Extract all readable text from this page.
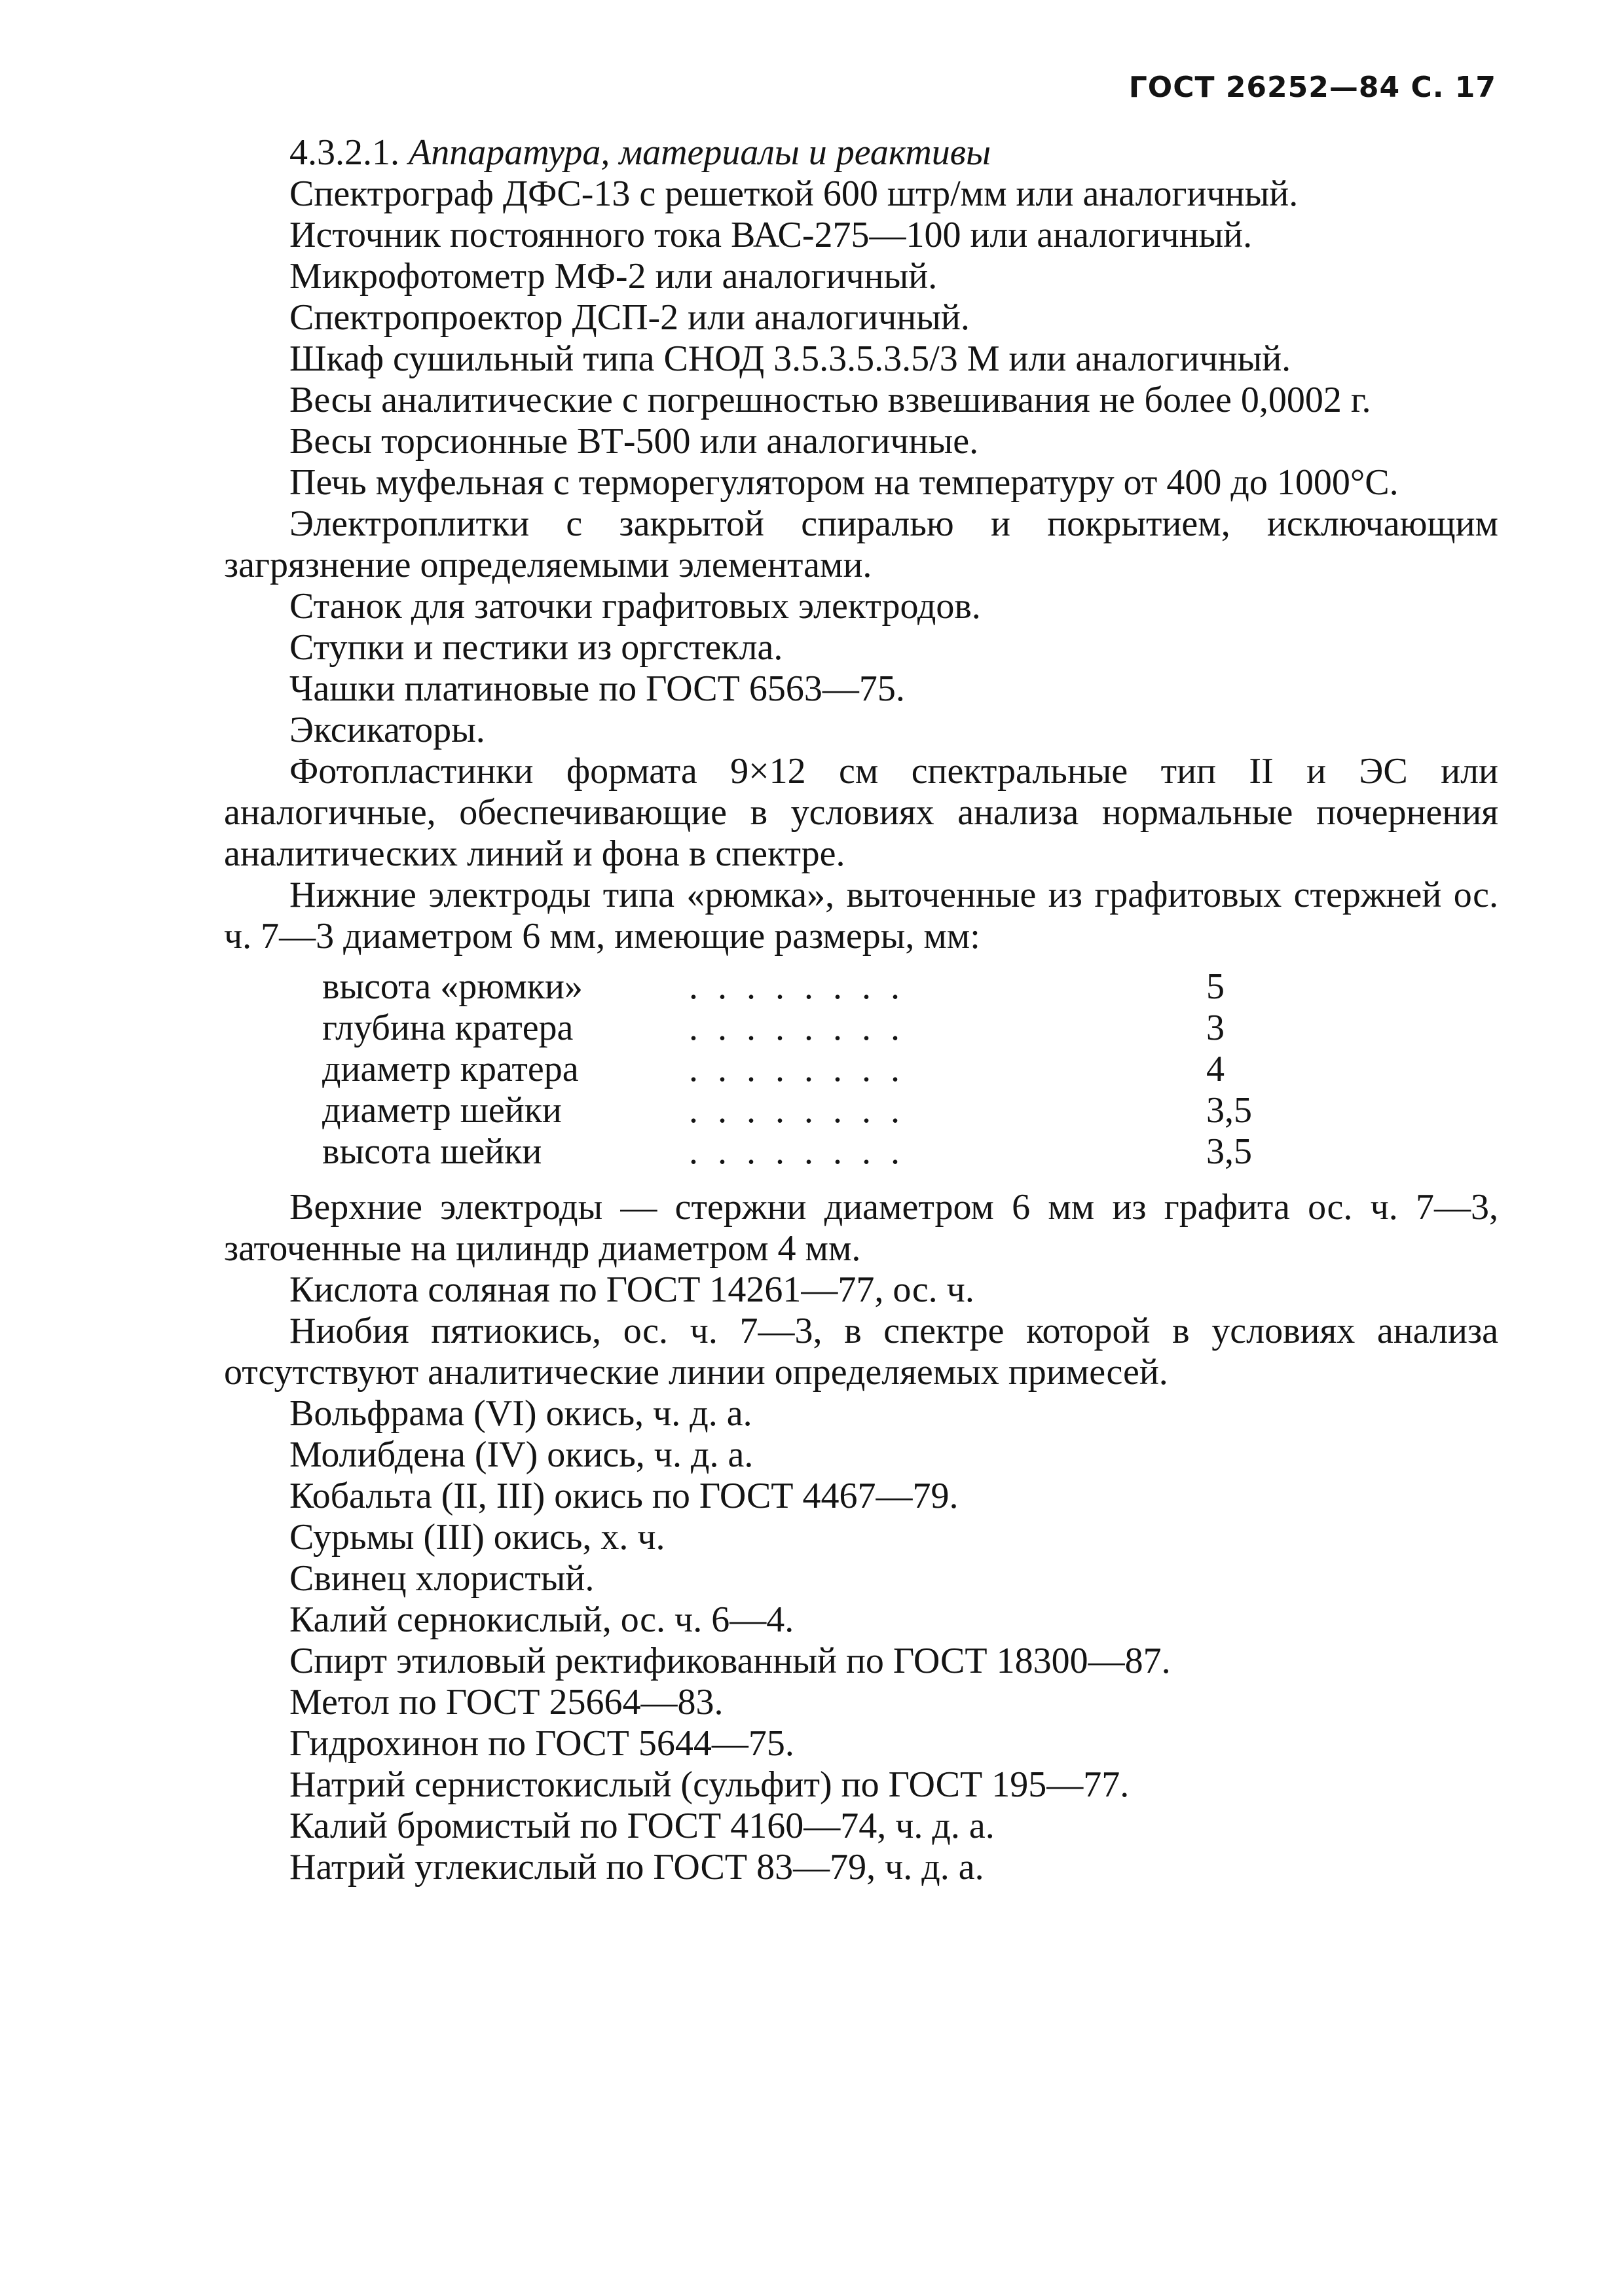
ГОСТ 26252—84 С. 17

4.3.2.1. Аппаратура, материалы и реактивы

Спектрограф ДФС-13 с решеткой 600 штр/мм или аналогичный.

Источник постоянного тока ВАС-275—100 или аналогичный.

Микрофотометр МФ-2 или аналогичный.

Спектропроектор ДСП-2 или аналогичный.

Шкаф сушильный типа СНОД 3.5.3.5.3.5/3 М или аналогичный.

Весы аналитические с погрешностью взвешивания не более 0,0002 г.

Весы торсионные ВТ-500 или аналогичные.

Печь муфельная с терморегулятором на температуру от 400 до 1000°С.

Электроплитки с закрытой спиралью и покрытием, исключающим загрязнение определяемыми элементами.

Станок для заточки графитовых электродов.

Ступки и пестики из оргстекла.

Чашки платиновые по ГОСТ 6563—75.

Эксикаторы.

Фотопластинки формата 9×12 см спектральные тип II и ЭС или аналогичные, обеспечивающие в условиях анализа нормальные почернения аналитических линий и фона в спектре.

Нижние электроды типа «рюмка», выточенные из графитовых стержней ос. ч. 7—3 диаметром 6 мм, имеющие размеры, мм:

высота «рюмки»	........	5
глубина кратера	........	3
диаметр кратера	........	4
диаметр шейки	........	3,5
высота шейки	........	3,5

Верхние электроды — стержни диаметром 6 мм из графита ос. ч. 7—3, заточенные на цилиндр диаметром 4 мм.

Кислота соляная по ГОСТ 14261—77, ос. ч.

Ниобия пятиокись, ос. ч. 7—3, в спектре которой в условиях анализа отсутствуют аналитические линии определяемых примесей.

Вольфрама (VI) окись, ч. д. а.

Молибдена (IV) окись, ч. д. а.

Кобальта (II, III) окись по ГОСТ 4467—79.

Сурьмы (III) окись, х. ч.

Свинец хлористый.

Калий сернокислый, ос. ч. 6—4.

Спирт этиловый ректификованный по ГОСТ 18300—87.

Метол по ГОСТ 25664—83.

Гидрохинон по ГОСТ 5644—75.

Натрий сернистокислый (сульфит) по ГОСТ 195—77.

Калий бромистый по ГОСТ 4160—74, ч. д. а.

Натрий углекислый по ГОСТ 83—79, ч. д. а.
